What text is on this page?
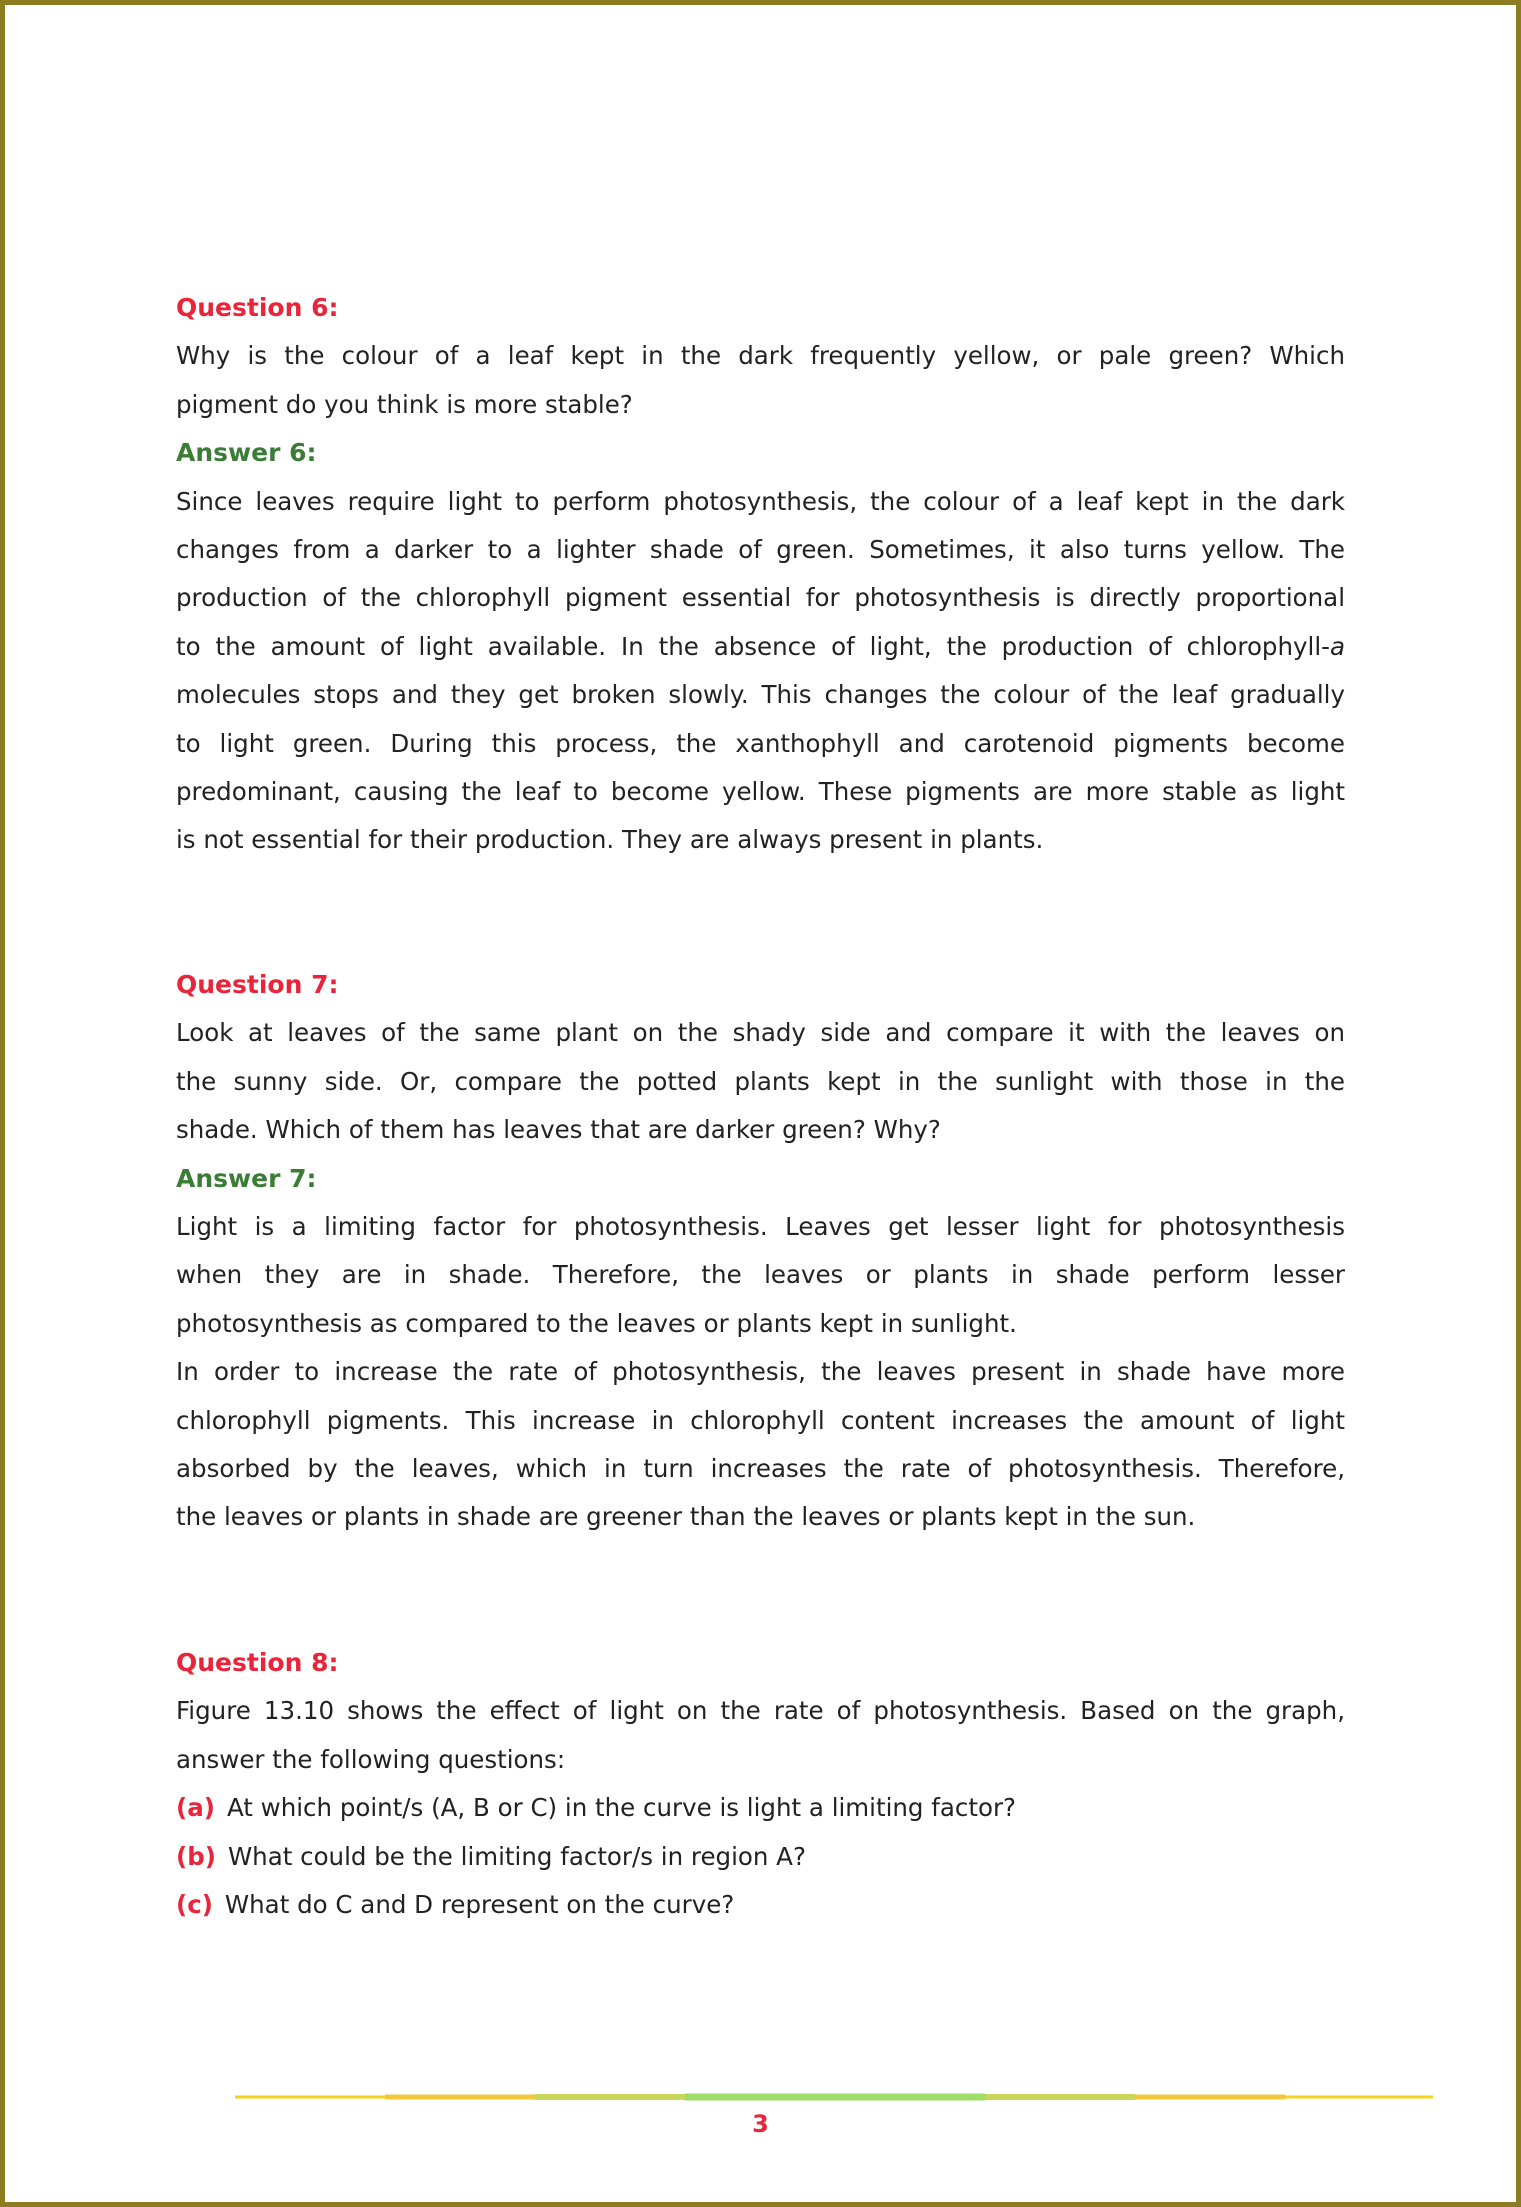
Question 6:
Why is the colour of a leaf kept in the dark frequently yellow, or pale green? Which
pigment do you think is more stable?
Answer 6:
Since leaves require light to perform photosynthesis, the colour of a leaf kept in the dark
changes from a darker to a lighter shade of green. Sometimes, it also turns yellow. The
production of the chlorophyll pigment essential for photosynthesis is directly proportional
to the amount of light available. In the absence of light, the production of chlorophyll-a
molecules stops and they get broken slowly. This changes the colour of the leaf gradually
to light green. During this process, the xanthophyll and carotenoid pigments become
predominant, causing the leaf to become yellow. These pigments are more stable as light
is not essential for their production. They are always present in plants.
Question 7:
Look at leaves of the same plant on the shady side and compare it with the leaves on
the sunny side. Or, compare the potted plants kept in the sunlight with those in the
shade. Which of them has leaves that are darker green? Why?
Answer 7:
Light is a limiting factor for photosynthesis. Leaves get lesser light for photosynthesis
when they are in shade. Therefore, the leaves or plants in shade perform lesser
photosynthesis as compared to the leaves or plants kept in sunlight.
In order to increase the rate of photosynthesis, the leaves present in shade have more
chlorophyll pigments. This increase in chlorophyll content increases the amount of light
absorbed by the leaves, which in turn increases the rate of photosynthesis. Therefore,
the leaves or plants in shade are greener than the leaves or plants kept in the sun.
Question 8:
Figure 13.10 shows the effect of light on the rate of photosynthesis. Based on the graph,
answer the following questions:
(a) At which point/s (A, B or C) in the curve is light a limiting factor?
(b) What could be the limiting factor/s in region A?
(c) What do C and D represent on the curve?
3
